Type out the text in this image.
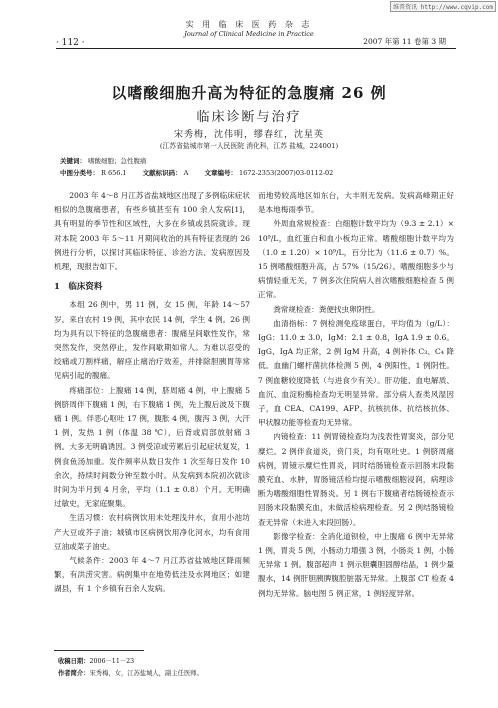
维普资讯 http://www.cqvip.com
实 用 临 床 医 药 杂 志
Journal of Clinical Medicine in Practice
· 112 ·	2007 年第 11 卷第 3 期
以嗜酸细胞升高为特征的急腹痛 26 例
临床诊断与治疗
宋秀梅，沈伟明，缪春红，沈星英
(江苏省盐城市第一人民医院 消化科，江苏 盐城，224001)
关键词： 嗜酸细胞；急性腹痛
中图分类号： R 656.1 文献标识码： A 文章编号： 1672-2353(2007)03-0112-02

2003 年 4～8 月江苏省盐城地区出现了多例临床症状相似的急腹痛患者，有些乡镇甚至有 100 余人发病[1]，具有明显的季节性和区域性，大多在乡镇或县院就诊。现对本院 2003 年 5～11 月期间收治的具有特征表现的 26 例进行分析，以探讨其临床特征、诊治方法、发病原因及机理，现报告如下。

1　临床资料

本组 26 例中，男 11 例，女 15 例，年龄 14～57 岁。来自农村 19 例，其中农民 14 例，学生 4 例。26 例均为具有以下特征的急腹痛患者：腹痛呈间歇性发作，常突然发作，突然停止，发作间歇期如常人。为难以忍受的绞痛或刀割样痛，解痉止痛治疗效差，并排除胆胰胃等常见病引起的腹痛。

疼痛部位：上腹痛 14 例，脐周痛 4 例，中上腹痛 5 例脐周伴下腹痛 1 例，右下腹痛 1 例，先上腹后波及下腹痛 1 例。伴恶心呕吐 17 例，腹胀 4 例，腹泻 3 例，大汗 1 例，发热 1 例（体温 38 ℃），后背或肩部放射痛 3 例。大多无明确诱因。3 例受凉或劳累后引起症状复发，1 例食鱼汤加重。发作频率从数日发作 1 次至每日发作 10 余次，持续时间数分钟至数小时。从发病到本院初次就诊时间为半月到 4 月余，平均（1.1 ± 0.8）个月。无明确过敏史，无家庭聚集。

生活习惯：农村病例饮用未处理浅井水，食用小池坊产大豆或芥子油；城镇市区病例饮用净化河水，均有食用豆油或菜子油史。

气候条件：2003 年 4～7 月江苏省盐城地区降雨频繁，有洪涝灾害。病例集中在地势低洼及水网地区；如建湖县，有 1 个乡镇有百余人发病。

而地势较高地区如东台，大丰则无发病。发病高峰期正好是本地梅雨季节。

外周血常规检查：白细胞计数平均为（9.3 ± 2.1）× 10⁹/L，血红蛋白和血小板均正常。嗜酸细胞计数平均为（1.0 ± 1.20）× 10⁹/L，百分比为（11.6 ± 0.7）%。15 例嗜酸细胞升高，占 57%（15/26）。嗜酸细胞多少与病情轻重无关，7 例多次住院病人首次嗜酸细胞检查 5 例正常。

粪常规检查：粪便找虫卵阴性。

血清指标：7 例检测免疫球蛋白，平均值为（g/L）：IgG：11.0 ± 3.0，IgM：2.1 ± 0.8，IgA 1.9 ± 0.6。IgG、IgA 均正常，2 例 IgM 升高，4 例补体 C₃、C₄ 降低。血幽门螺杆菌抗体检测 5 例，4 例阳性，1 例阴性。7 例血糖较度降低（与进食少有关）。肝功能、血电解质、血沉、血淀粉酶检查均无明显异常。部分病人查类风湿因子，血 CEA、CA199、AFP、抗核抗体、抗结核抗体、甲状腺功能等检查均无异常。

内镜检查：11 例胃镜检查均为浅表性胃窦炎，部分见糜烂。2 例伴食道炎，贲门炎，均有呕吐史。1 例脐周痛病例，胃镜示糜烂性胃炎，同时结肠镜检查示回肠末段黏膜充血、水肿，胃肠镜活检均提示嗜酸细胞浸润，病理诊断为嗜酸细胞性胃肠炎。另 1 例右下腹痛者结肠镜检查示回肠末段黏膜充血，未做活检病理检查。另 2 例结肠镜检查无异常（未进入末段回肠）。

影像学检查：全消化道钡检，中上腹痛 6 例中无异常 1 例，胃炎 5 例，小肠动力增强 3 例，小肠炎 1 例，小肠无异常 1 例。腹部超声 1 例示胆囊胆固醇结晶，1 例少量腹水，14 例肝胆胰脾腹腔脏器无异常。上腹部 CT 检查 4 例均无异常。脑电图 5 例正常，1 例轻度异常。

收稿日期：2006－11－23
作者简介：宋秀梅，女，江苏盐城人，副主任医师。
